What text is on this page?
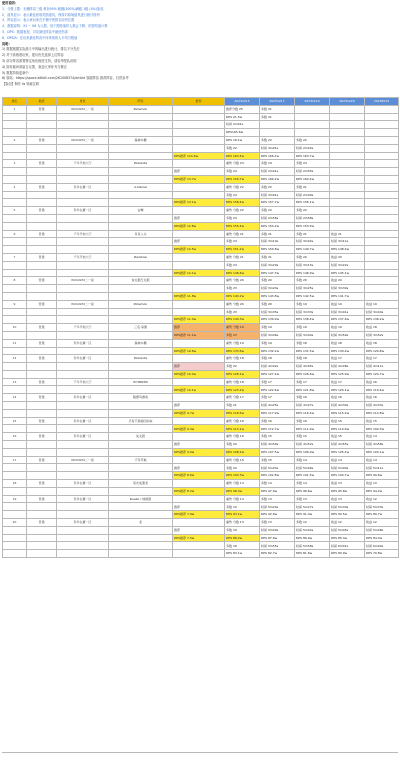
使用说明：
1、分数上限：无赖阵容三级 黄色90% 秘籍(200%)满级 1级 (4%)加成
2、道具显示：表示最佳获取奖励道具，保持对原始道具进行统计排列
3、阵容显示：表示该玩家在平衡中的排名前列位置
4、数据说明：X1 ~ X6 为人数，低于期待值时人数会下降，依照均值计算
5、DPS：数据表现，对应最佳阵容中最低伤害
6、DPS/S：在玩家最佳阵容中所体现的人平均分数值
说明：
1) 数据根据实际战斗中的输出进行统计，排名不分先后
2) 对于高练度玩家，建议优先选择上位阵容
3) 部分阵容需要特定角色练度支持，请参考配队说明
4) 如有疑问请留言反馈，欢迎大家补充与修正
5) 数据持续更新中
6) 原帖：https://space.bilibili.com/261008374/article 原版阵容 推荐阵容，仅供参考
【原创】制作 fa 转载注明
排名	难度	角色	阵容	推荐	20231215	20231217	20231219	20231220	20230515
1	普通	WCDAM4二一星	Pokemon		推荐分数 25	多数 21			
					DPS 21.5w	多数 21			
					时间 2m01s				
					DPS165.6w				
2	普通	WCDAM4二一星	森林木桶		DPS 18.1w	多数 22	多数 22		
					多数 22	时间 3m01s	时间 2m02s		
				DPS推荐 114.6w	DPS 163.4w	DPS 166.2w	DPS 163.7w		
3	普通	千年平地大厅	PinkAnte		重伤 分数 23	多数 24	多数 24		
				推荐	多数 24	时间 2m41s	时间 2m45s		
				DPS推荐 13.7w	DPS 159.7w	DPS 160.2w	DPS 160.4w		
4	普通	奔外在翼一区	A·Daniel		重伤 分数 22	多数 22	多数 21		
					多数 24	时间 3m01s	时间 2m09s		
				DPS推荐 13.1w	DPS 158.4w	DPS 157.7w	DPS 156.1w		
5	普通	奔外在翼一区	古蛛		重伤 分数 22	多数 22	多数 22		
				推荐	多数 24	时间 2m56s	时间 2m58s		
				DPS推荐 12.8w	DPS 155.4w	DPS 154.2w	DPS 153.9w		
6	普通	千年平地大厅	多克八头		重伤 分数 21	多数 21	多数 21	收益 21	
				推荐	多数 24	时间 3m10s	时间 3m02s	时间 3m11s	
				DPS推荐 12.5w	DPS 151.2w	DPS 150.8w	DPS 149.7w	DPS 148.4w	
7	普通	千年平地大厅	Rainbow		重伤 分数 21	多数 21	多数 20	收益 20	
					多数 24	时间 3m20s	时间 3m15s	时间 3m22s	
				DPS推荐 12.1w	DPS 148.6w	DPS 147.3w	DPS 146.9w	DPS 145.1w	
8	普通	WCDAM4二一星	灰太狼红太狼		重伤 分数 20	多数 20	多数 20	收益 20	
					多数 23	时间 3m24s	时间 3m25s	时间 3m30s	
				DPS推荐 11.8w	DPS 144.2w	DPS 143.8w	DPS 142.5w	DPS 141.7w	
9	普通	WCDAM4二一星	Pokemon		重伤 分数 20	多数 20	多数 19	收益 19	收益 19
					多数 23	时间 3m35s	时间 3m33s	时间 3m41s	时间 3m44s
				DPS推荐 11.4w	DPS 140.3w	DPS 139.9w	DPS 138.4w	DPS 137.6w	DPS 136.2w
10	普通	千年平地大厅	三名·朵蕾	推荐	重伤 分数 19	多数 19	多数 19	收益 19	收益 18
				DPS推荐 11.1w	多数 23	时间 3m46s	时间 3m44s	时间 3m50s	时间 3m52s
11	普通	奔外在翼一区	森林木桶		重伤 分数 19	多数 19	多数 18	收益 18	收益 18
				DPS推荐 10.8w	DPS 133.6w	DPS 132.2w	DPS 131.5w	DPS 130.4w	DPS 129.8w
12	普通	奔外在翼一区	PinkAnte		重伤 分数 18	多数 18	多数 18	收益 17	收益 17
				推荐	多数 22	时间 4m02s	时间 4m05s	时间 4m08s	时间 4m11s
				DPS推荐 10.4w	DPS 128.1w	DPS 127.4w	DPS 126.6w	DPS 125.9w	DPS 124.7w
13	普通	千年平地大厅	PCTRN7N		重伤 分数 18	多数 17	多数 17	收益 17	收益 16
				DPS推荐 10.1w	DPS 123.2w	DPS 122.6w	DPS 121.8w	DPS 120.1w	DPS 119.4w
14	普通	奔外在翼一区	陆德鸟游戏		重伤 分数 17	多数 17	多数 16	收益 16	收益 16
				推荐	多数 21	时间 4m25s	时间 4m27s	时间 4m30s	时间 4m33s
				DPS推荐 9.7w	DPS 118.6w	DPS 117.9w	DPS 116.4w	DPS 115.2w	DPS 114.8w
15	普通	奔外在翼一区	只有不是前四动东		重伤 分数 16	多数 16	多数 16	收益 15	收益 15
				DPS推荐 9.3w	DPS 113.1w	DPS 112.7w	DPS 111.9w	DPS 110.6w	DPS 109.3w
16	普通	奔外在翼一区	灰太狼		重伤 分数 16	多数 15	多数 15	收益 15	收益 14
				推荐	多数 20	时间 4m50s	时间 4m52s	时间 4m55s	时间 4m58s
				DPS推荐 9.0w	DPS 108.2w	DPS 107.5w	DPS 106.9w	DPS 105.4w	DPS 104.1w
17	普通	WCDAM4二一星	千年平地		重伤 分数 15	多数 15	多数 14	收益 14	收益 14
				推荐	多数 20	时间 5m03s	时间 5m06s	时间 5m09s	时间 5m11s
				DPS推荐 8.6w	DPS 103.3w	DPS 102.8w	DPS 101.5w	DPS 100.7w	DPS 99.6w
18	普通	奔外在翼一区	家衣灰黑龙		重伤 分数 14	多数 14	多数 14	收益 13	收益 13
				DPS推荐 8.2w	DPS 98.4w	DPS 97.9w	DPS 96.6w	DPS 95.8w	DPS 94.2w
19	普通	奔外在翼一区	Duello / 地狱狼		重伤 分数 14	多数 13	多数 13	收益 13	收益 12
				推荐	多数 19	时间 5m24s	时间 5m27s	时间 5m30s	时间 5m33s
				DPS推荐 7.9w	DPS 93.1w	DPS 92.6w	DPS 91.4w	DPS 90.5w	DPS 89.7w
20	普通	奔外在翼一区	龙		重伤 分数 13	多数 13	多数 12	收益 12	收益 12
				推荐	多数 19	时间 5m40s	时间 5m42s	时间 5m45s	时间 5m48s
				DPS推荐 7.5w	DPS 88.2w	DPS 87.6w	DPS 86.9w	DPS 85.3w	DPS 84.4w
					多数 18	时间 5m55s	时间 5m58s	时间 6m01s	时间 6m04s
					DPS 83.1w	DPS 82.7w	DPS 81.6w	DPS 80.9w	DPS 79.8w
